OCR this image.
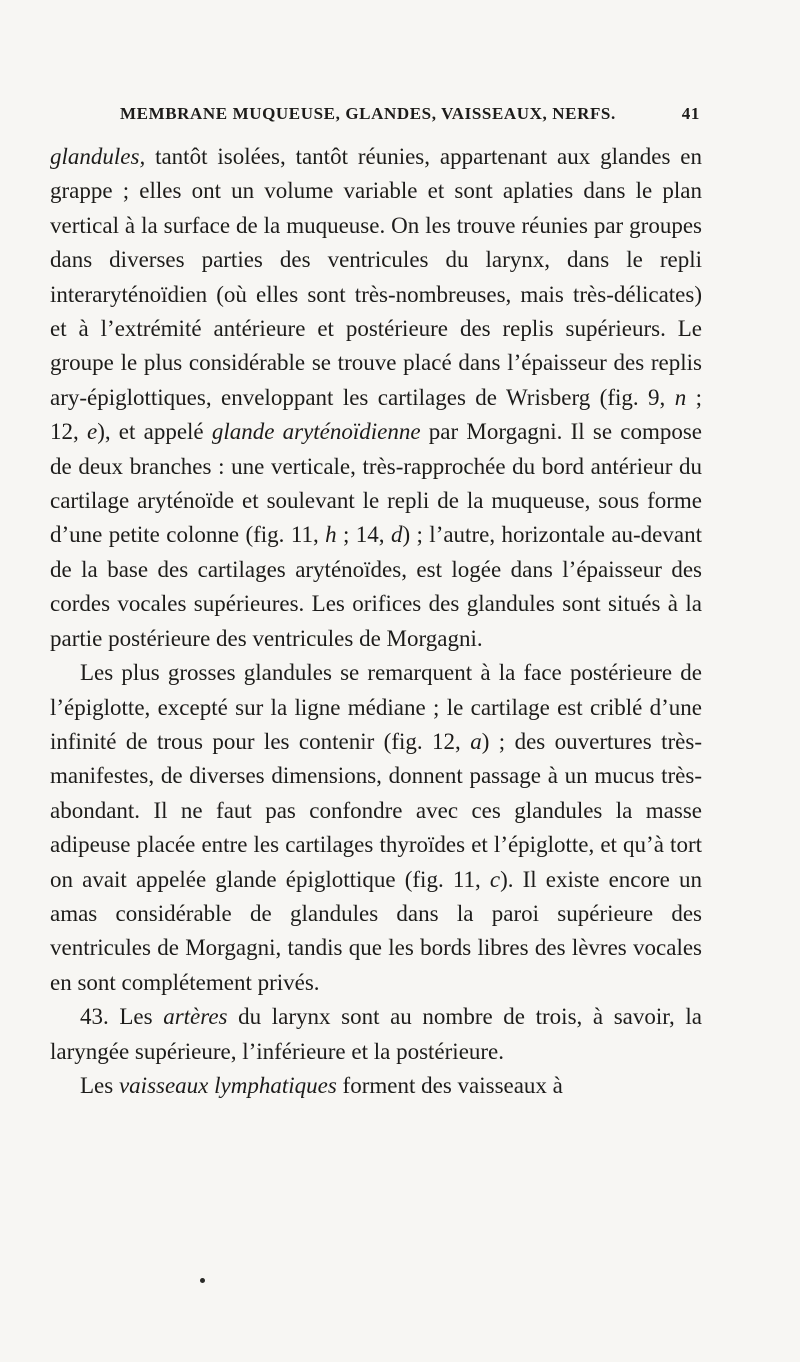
MEMBRANE MUQUEUSE, GLANDES, VAISSEAUX, NERFS.	41

glandules, tantôt isolées, tantôt réunies, appartenant aux glandes en grappe ; elles ont un volume variable et sont aplaties dans le plan vertical à la surface de la muqueuse. On les trouve réunies par groupes dans diverses parties des ventricules du larynx, dans le repli interaryténoïdien (où elles sont très-nombreuses, mais très-délicates) et à l’extrémité antérieure et postérieure des replis supérieurs. Le groupe le plus considérable se trouve placé dans l’épaisseur des replis ary-épiglottiques, enveloppant les cartilages de Wrisberg (fig. 9, n ; 12, e), et appelé glande aryténoïdienne par Morgagni. Il se compose de deux branches : une verticale, très-rapprochée du bord antérieur du cartilage aryténoïde et soulevant le repli de la muqueuse, sous forme d’une petite colonne (fig. 11, h ; 14, d) ; l’autre, horizontale au-devant de la base des cartilages aryténoïdes, est logée dans l’épaisseur des cordes vocales supérieures. Les orifices des glandules sont situés à la partie postérieure des ventricules de Morgagni.

Les plus grosses glandules se remarquent à la face postérieure de l’épiglotte, excepté sur la ligne médiane ; le cartilage est criblé d’une infinité de trous pour les contenir (fig. 12, a) ; des ouvertures très-manifestes, de diverses dimensions, donnent passage à un mucus très-abondant. Il ne faut pas confondre avec ces glandules la masse adipeuse placée entre les cartilages thyroïdes et l’épiglotte, et qu’à tort on avait appelée glande épiglottique (fig. 11, c). Il existe encore un amas considérable de glandules dans la paroi supérieure des ventricules de Morgagni, tandis que les bords libres des lèvres vocales en sont complétement privés.

43. Les artères du larynx sont au nombre de trois, à savoir, la laryngée supérieure, l’inférieure et la postérieure.

Les vaisseaux lymphatiques forment des vaisseaux à
